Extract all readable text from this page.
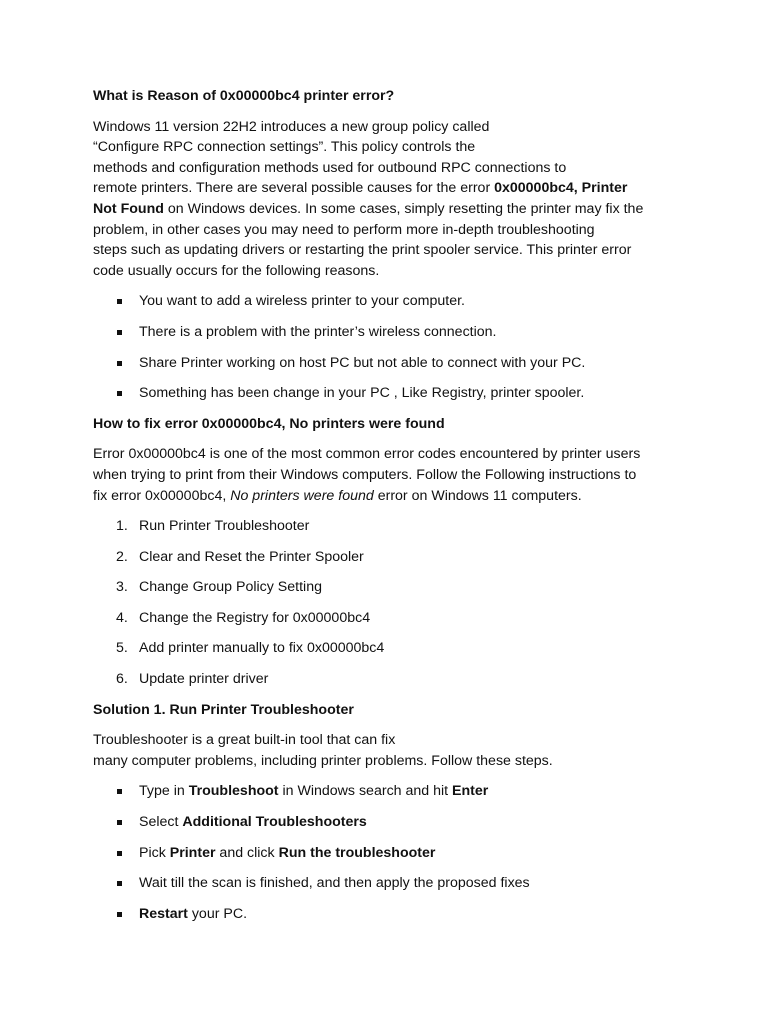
What is Reason of 0x00000bc4 printer error?

Windows 11 version 22H2 introduces a new group policy called
“Configure RPC connection settings”. This policy controls the
methods and configuration methods used for outbound RPC connections to
remote printers. There are several possible causes for the error 0x00000bc4, Printer
Not Found on Windows devices. In some cases, simply resetting the printer may fix the
problem, in other cases you may need to perform more in-depth troubleshooting
steps such as updating drivers or restarting the print spooler service. This printer error
code usually occurs for the following reasons.

You want to add a wireless printer to your computer.
There is a problem with the printer’s wireless connection.
Share Printer working on host PC but not able to connect with your PC.
Something has been change in your PC , Like Registry, printer spooler.
How to fix error 0x00000bc4, No printers were found

Error 0x00000bc4 is one of the most common error codes encountered by printer users
when trying to print from their Windows computers. Follow the Following instructions to
fix error 0x00000bc4, No printers were found error on Windows 11 computers.

1. Run Printer Troubleshooter
2. Clear and Reset the Printer Spooler
3. Change Group Policy Setting
4. Change the Registry for 0x00000bc4
5. Add printer manually to fix 0x00000bc4
6. Update printer driver
Solution 1. Run Printer Troubleshooter

Troubleshooter is a great built-in tool that can fix
many computer problems, including printer problems. Follow these steps.

Type in Troubleshoot in Windows search and hit Enter
Select Additional Troubleshooters
Pick Printer and click Run the troubleshooter
Wait till the scan is finished, and then apply the proposed fixes
Restart your PC.
